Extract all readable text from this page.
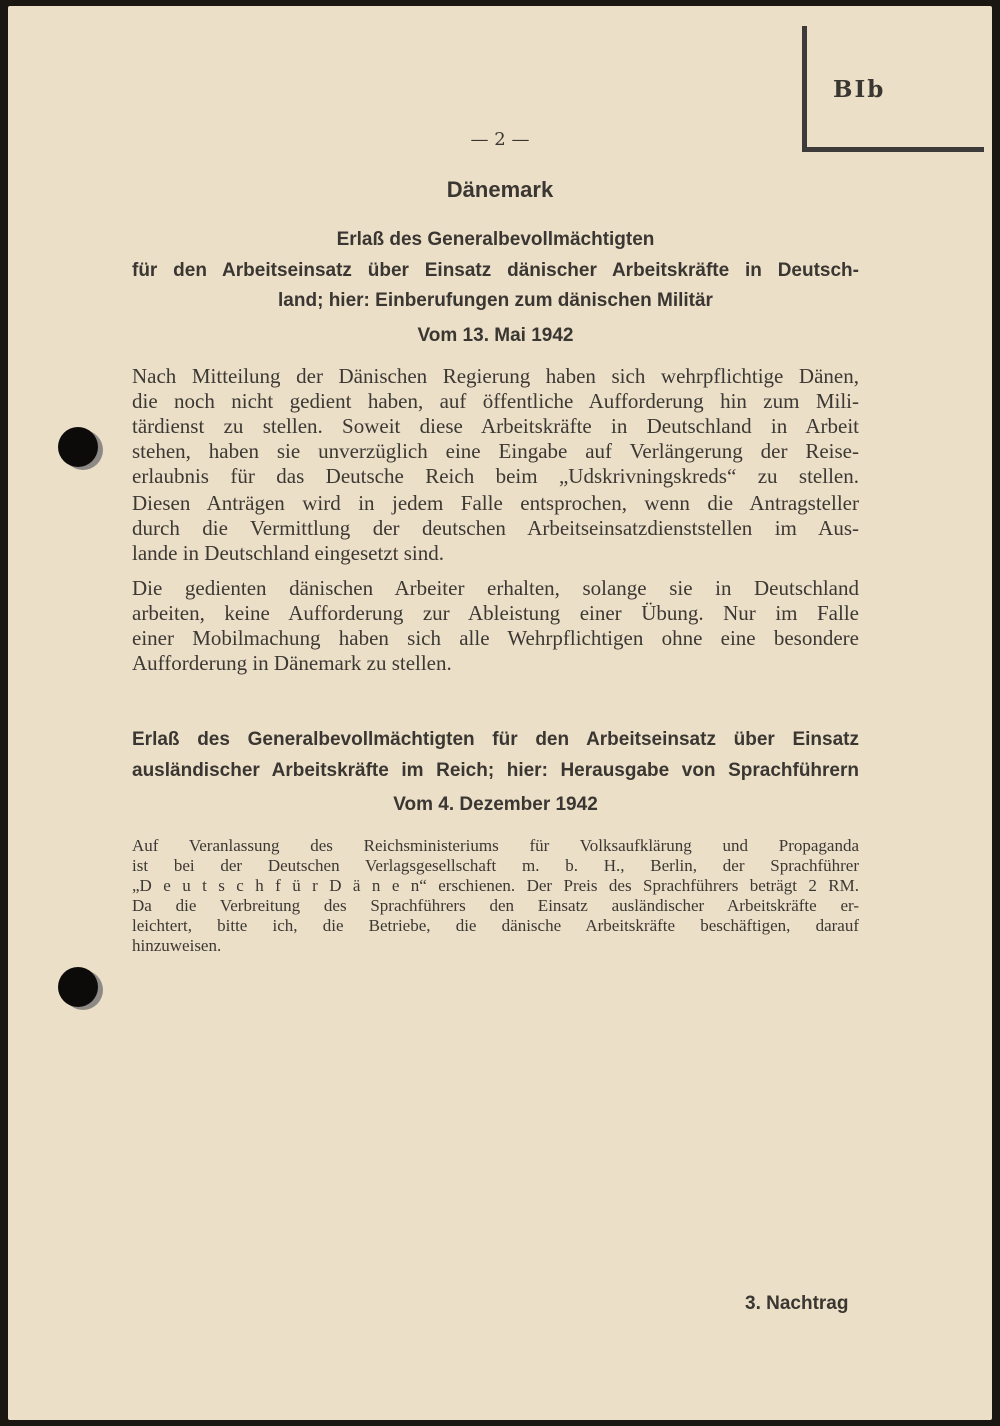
BIb
— 2 —
Dänemark
Erlaß des Generalbevollmächtigten
für den Arbeitseinsatz über Einsatz dänischer Arbeitskräfte in Deutsch-
land; hier: Einberufungen zum dänischen Militär
Vom 13. Mai 1942
Nach Mitteilung der Dänischen Regierung haben sich wehrpflichtige Dänen,
die noch nicht gedient haben, auf öffentliche Aufforderung hin zum Mili-
tärdienst zu stellen. Soweit diese Arbeitskräfte in Deutschland in Arbeit
stehen, haben sie unverzüglich eine Eingabe auf Verlängerung der Reise-
erlaubnis für das Deutsche Reich beim „Udskrivningskreds“ zu stellen.
Diesen Anträgen wird in jedem Falle entsprochen, wenn die Antragsteller
durch die Vermittlung der deutschen Arbeitseinsatzdienststellen im Aus-
lande in Deutschland eingesetzt sind.
Die gedienten dänischen Arbeiter erhalten, solange sie in Deutschland
arbeiten, keine Aufforderung zur Ableistung einer Übung. Nur im Falle
einer Mobilmachung haben sich alle Wehrpflichtigen ohne eine besondere
Aufforderung in Dänemark zu stellen.
Erlaß des Generalbevollmächtigten für den Arbeitseinsatz über Einsatz
ausländischer Arbeitskräfte im Reich; hier: Herausgabe von Sprachführern
Vom 4. Dezember 1942
Auf Veranlassung des Reichsministeriums für Volksaufklärung und Propaganda
ist bei der Deutschen Verlagsgesellschaft m. b. H., Berlin, der Sprachführer
„D e u t s c h f ü r D ä n e n“ erschienen. Der Preis des Sprachführers beträgt 2 RM.
Da die Verbreitung des Sprachführers den Einsatz ausländischer Arbeitskräfte er-
leichtert, bitte ich, die Betriebe, die dänische Arbeitskräfte beschäftigen, darauf
hinzuweisen.
3. Nachtrag
